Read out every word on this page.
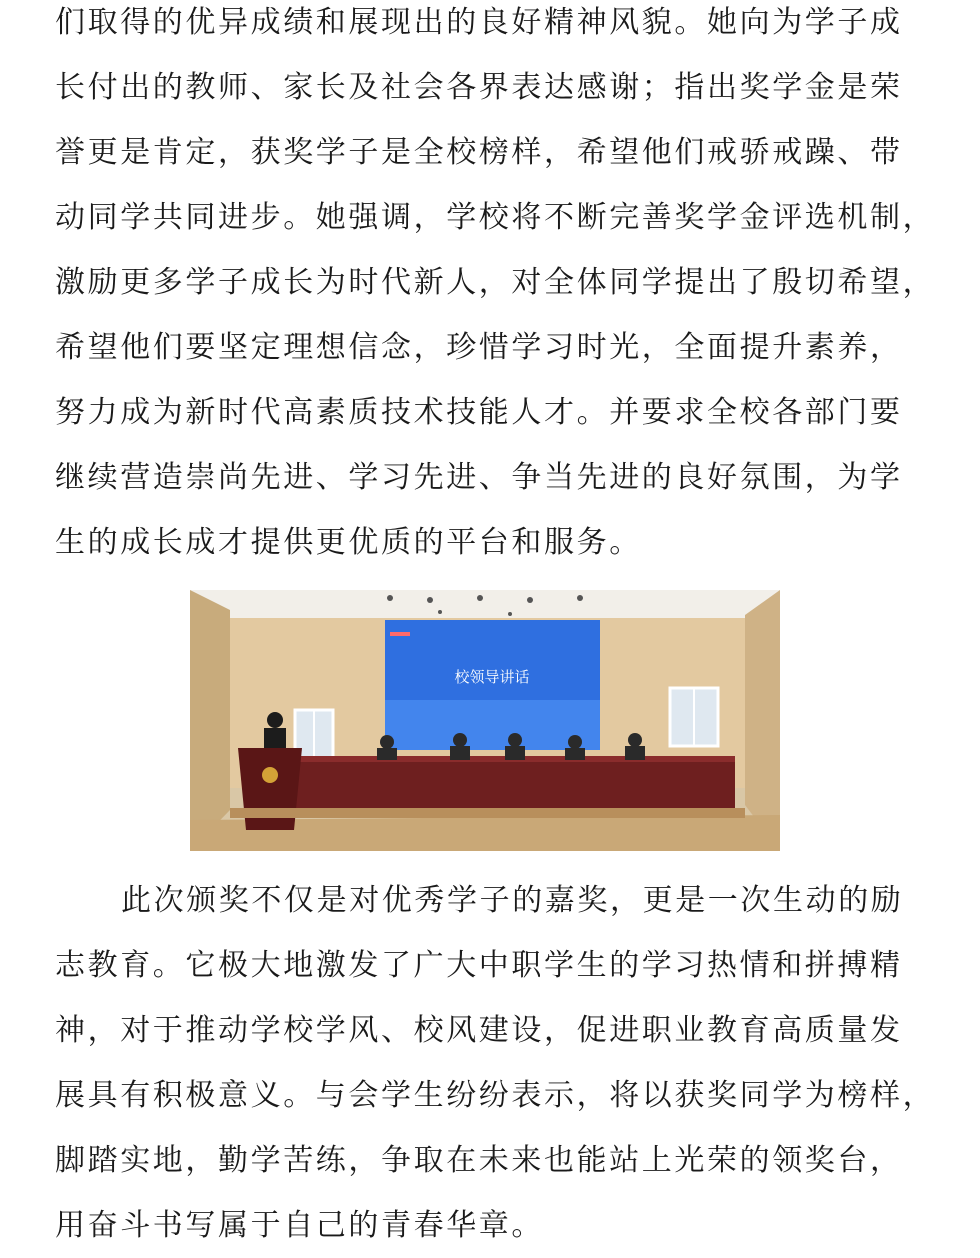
们取得的优异成绩和展现出的良好精神风貌。她向为学子成
长付出的教师、家长及社会各界表达感谢；指出奖学金是荣
誉更是肯定，获奖学子是全校榜样，希望他们戒骄戒躁、带
动同学共同进步。她强调，学校将不断完善奖学金评选机制，
激励更多学子成长为时代新人，对全体同学提出了殷切希望，
希望他们要坚定理想信念，珍惜学习时光，全面提升素养，
努力成为新时代高素质技术技能人才。并要求全校各部门要
继续营造崇尚先进、学习先进、争当先进的良好氛围，为学
生的成长成才提供更优质的平台和服务。
校领导讲话
此次颁奖不仅是对优秀学子的嘉奖，更是一次生动的励
志教育。它极大地激发了广大中职学生的学习热情和拼搏精
神，对于推动学校学风、校风建设，促进职业教育高质量发
展具有积极意义。与会学生纷纷表示，将以获奖同学为榜样，
脚踏实地，勤学苦练，争取在未来也能站上光荣的领奖台，
用奋斗书写属于自己的青春华章。
